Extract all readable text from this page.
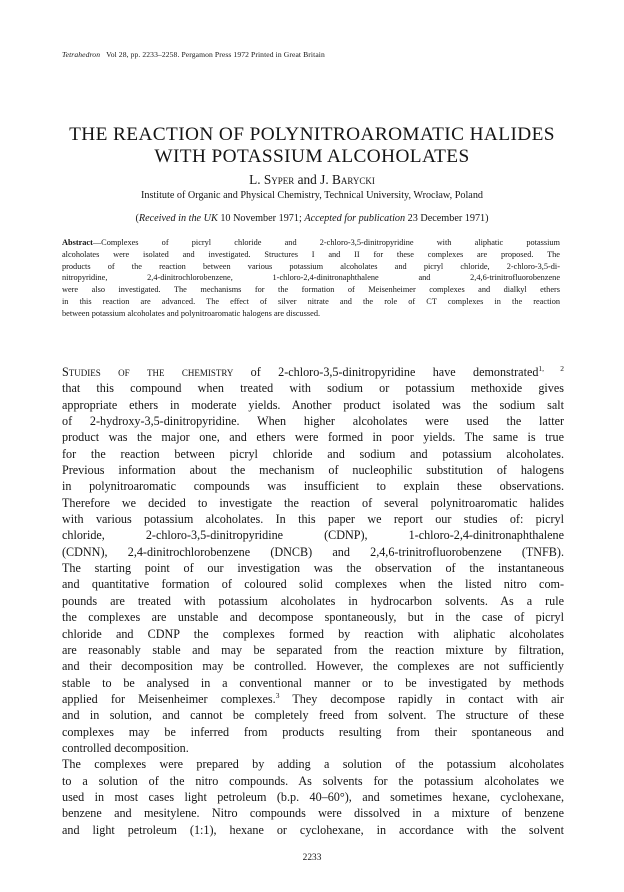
Tetrahedron Vol 28, pp. 2233–2258. Pergamon Press 1972 Printed in Great Britain
THE REACTION OF POLYNITROAROMATIC HALIDES
WITH POTASSIUM ALCOHOLATES
L. Syper and J. Barycki
Institute of Organic and Physical Chemistry, Technical University, Wrocław, Poland
(Received in the UK 10 November 1971; Accepted for publication 23 December 1971)
Abstract—Complexes of picryl chloride and 2-chloro-3,5-dinitropyridine with aliphatic potassium
alcoholates were isolated and investigated. Structures I and II for these complexes are proposed. The
products of the reaction between various potassium alcoholates and picryl chloride, 2-chloro-3,5-di-
nitropyridine, 2,4-dinitrochlorobenzene, 1-chloro-2,4-dinitronaphthalene and 2,4,6-trinitrofluorobenzene
were also investigated. The mechanisms for the formation of Meisenheimer complexes and dialkyl ethers
in this reaction are advanced. The effect of silver nitrate and the role of CT complexes in the reaction
between potassium alcoholates and polynitroaromatic halogens are discussed.
Studies of the chemistry of 2-chloro-3,5-dinitropyridine have demonstrated$^{1, 2}$
that this compound when treated with sodium or potassium methoxide gives
appropriate ethers in moderate yields. Another product isolated was the sodium salt
of 2-hydroxy-3,5-dinitropyridine. When higher alcoholates were used the latter
product was the major one, and ethers were formed in poor yields. The same is true
for the reaction between picryl chloride and sodium and potassium alcoholates.
Previous information about the mechanism of nucleophilic substitution of halogens
in polynitroaromatic compounds was insufficient to explain these observations.
Therefore we decided to investigate the reaction of several polynitroaromatic halides
with various potassium alcoholates. In this paper we report our studies of: picryl
chloride, 2-chloro-3,5-dinitropyridine (CDNP), 1-chloro-2,4-dinitronaphthalene
(CDNN), 2,4-dinitrochlorobenzene (DNCB) and 2,4,6-trinitrofluorobenzene (TNFB).
The starting point of our investigation was the observation of the instantaneous
and quantitative formation of coloured solid complexes when the listed nitro com-
pounds are treated with potassium alcoholates in hydrocarbon solvents. As a rule
the complexes are unstable and decompose spontaneously, but in the case of picryl
chloride and CDNP the complexes formed by reaction with aliphatic alcoholates
are reasonably stable and may be separated from the reaction mixture by filtration,
and their decomposition may be controlled. However, the complexes are not sufficiently
stable to be analysed in a conventional manner or to be investigated by methods
applied for Meisenheimer complexes.$^3$ They decompose rapidly in contact with air
and in solution, and cannot be completely freed from solvent. The structure of these
complexes may be inferred from products resulting from their spontaneous and
controlled decomposition.
The complexes were prepared by adding a solution of the potassium alcoholates
to a solution of the nitro compounds. As solvents for the potassium alcoholates we
used in most cases light petroleum (b.p. 40–60°), and sometimes hexane, cyclohexane,
benzene and mesitylene. Nitro compounds were dissolved in a mixture of benzene
and light petroleum (1:1), hexane or cyclohexane, in accordance with the solvent
2233
